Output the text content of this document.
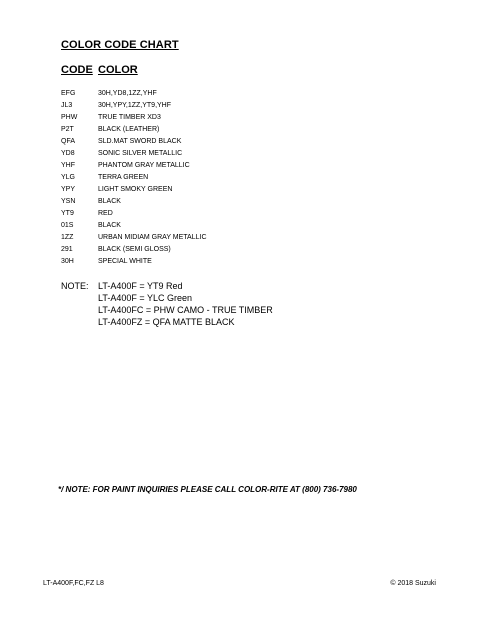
COLOR CODE CHART
CODE COLOR
EFG	30H,YD8,1ZZ,YHF
JL3	30H,YPY,1ZZ,YT9,YHF
PHW	TRUE TIMBER XD3
P2T	BLACK (LEATHER)
QFA	SLD.MAT SWORD BLACK
YD8	SONIC SILVER METALLIC
YHF	PHANTOM GRAY METALLIC
YLG	TERRA GREEN
YPY	LIGHT SMOKY GREEN
YSN	BLACK
YT9	RED
01S	BLACK
1ZZ	URBAN MIDIAM GRAY METALLIC
291	BLACK (SEMI GLOSS)
30H	SPECIAL WHITE
NOTE: LT-A400F = YT9 Red
LT-A400F = YLC Green
LT-A400FC = PHW CAMO - TRUE TIMBER
LT-A400FZ = QFA MATTE BLACK
*/ NOTE: FOR PAINT INQUIRIES PLEASE CALL COLOR-RITE AT (800) 736-7980
LT-A400F,FC,FZ L8	© 2018 Suzuki
